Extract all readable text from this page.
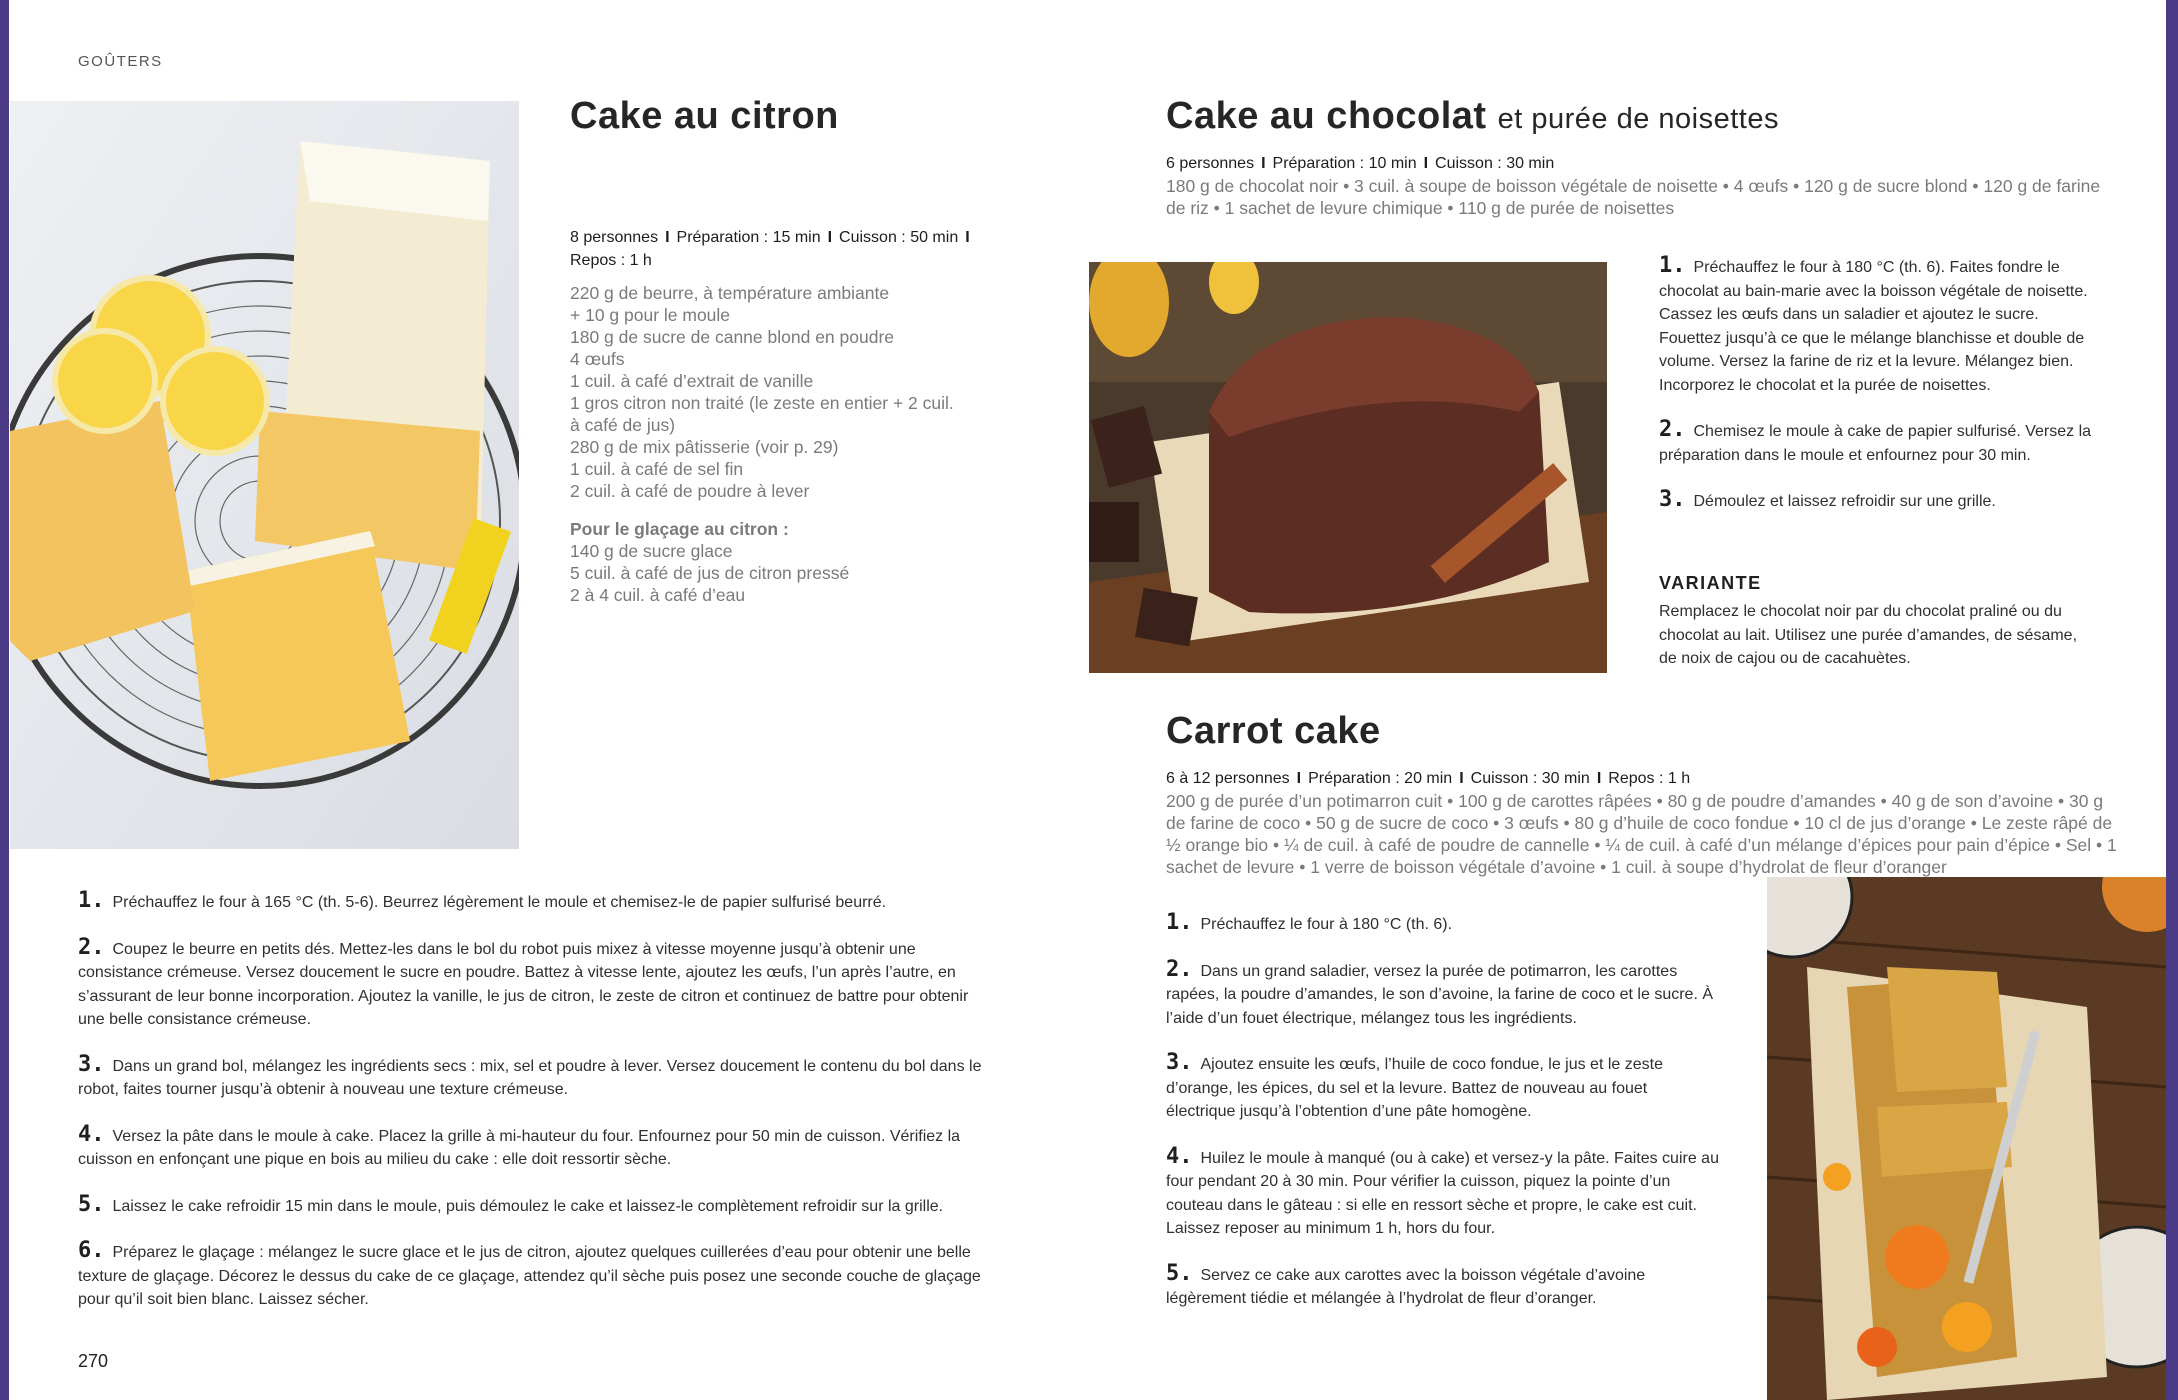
GOÛTERS
Cake au citron
8 personnes I Préparation : 15 min I Cuisson : 50 min I
Repos : 1 h
220 g de beurre, à température ambiante
+ 10 g pour le moule
180 g de sucre de canne blond en poudre
4 œufs
1 cuil. à café d’extrait de vanille
1 gros citron non traité (le zeste en entier + 2 cuil.
à café de jus)
280 g de mix pâtisserie (voir p. 29)
1 cuil. à café de sel fin
2 cuil. à café de poudre à lever
Pour le glaçage au citron :
140 g de sucre glace
5 cuil. à café de jus de citron pressé
2 à 4 cuil. à café d’eau
1. Préchauffez le four à 165 °C (th. 5-6). Beurrez légèrement le moule et chemisez-le de papier sulfurisé beurré.
2. Coupez le beurre en petits dés. Mettez-les dans le bol du robot puis mixez à vitesse moyenne jusqu’à obtenir une consistance crémeuse. Versez doucement le sucre en poudre. Battez à vitesse lente, ajoutez les œufs, l’un après l’autre, en s’assurant de leur bonne incorporation. Ajoutez la vanille, le jus de citron, le zeste de citron et continuez de battre pour obtenir une belle consistance crémeuse.
3. Dans un grand bol, mélangez les ingrédients secs : mix, sel et poudre à lever. Versez doucement le contenu du bol dans le robot, faites tourner jusqu’à obtenir à nouveau une texture crémeuse.
4. Versez la pâte dans le moule à cake. Placez la grille à mi-hauteur du four. Enfournez pour 50 min de cuisson. Vérifiez la cuisson en enfonçant une pique en bois au milieu du cake : elle doit ressortir sèche.
5. Laissez le cake refroidir 15 min dans le moule, puis démoulez le cake et laissez-le complètement refroidir sur la grille.
6. Préparez le glaçage : mélangez le sucre glace et le jus de citron, ajoutez quelques cuillerées d’eau pour obtenir une belle texture de glaçage. Décorez le dessus du cake de ce glaçage, attendez qu’il sèche puis posez une seconde couche de glaçage pour qu’il soit bien blanc. Laissez sécher.
270
Cake au chocolat et purée de noisettes
6 personnes I Préparation : 10 min I Cuisson : 30 min
180 g de chocolat noir • 3 cuil. à soupe de boisson végétale de noisette • 4 œufs • 120 g de sucre blond • 120 g de farine de riz • 1 sachet de levure chimique • 110 g de purée de noisettes
1. Préchauffez le four à 180 °C (th. 6). Faites fondre le chocolat au bain-marie avec la boisson végétale de noisette. Cassez les œufs dans un saladier et ajoutez le sucre. Fouettez jusqu’à ce que le mélange blanchisse et double de volume. Versez la farine de riz et la levure. Mélangez bien. Incorporez le chocolat et la purée de noisettes.
2. Chemisez le moule à cake de papier sulfurisé. Versez la préparation dans le moule et enfournez pour 30 min.
3. Démoulez et laissez refroidir sur une grille.
VARIANTE
Remplacez le chocolat noir par du chocolat praliné ou du chocolat au lait. Utilisez une purée d’amandes, de sésame, de noix de cajou ou de cacahuètes.
Carrot cake
6 à 12 personnes I Préparation : 20 min I Cuisson : 30 min I Repos : 1 h
200 g de purée d’un potimarron cuit • 100 g de carottes râpées • 80 g de poudre d’amandes • 40 g de son d’avoine • 30 g de farine de coco • 50 g de sucre de coco • 3 œufs • 80 g d’huile de coco fondue • 10 cl de jus d’orange • Le zeste râpé de ½ orange bio • ¼ de cuil. à café de poudre de cannelle • ¼ de cuil. à café d’un mélange d’épices pour pain d’épice • Sel • 1 sachet de levure • 1 verre de boisson végétale d’avoine • 1 cuil. à soupe d’hydrolat de fleur d’oranger
1. Préchauffez le four à 180 °C (th. 6).
2. Dans un grand saladier, versez la purée de potimarron, les carottes rapées, la poudre d’amandes, le son d’avoine, la farine de coco et le sucre. À l’aide d’un fouet électrique, mélangez tous les ingrédients.
3. Ajoutez ensuite les œufs, l’huile de coco fondue, le jus et le zeste d’orange, les épices, du sel et la levure. Battez de nouveau au fouet électrique jusqu’à l’obtention d’une pâte homogène.
4. Huilez le moule à manqué (ou à cake) et versez-y la pâte. Faites cuire au four pendant 20 à 30 min. Pour vérifier la cuisson, piquez la pointe d’un couteau dans le gâteau : si elle en ressort sèche et propre, le cake est cuit. Laissez reposer au minimum 1 h, hors du four.
5. Servez ce cake aux carottes avec la boisson végétale d’avoine légèrement tiédie et mélangée à l’hydrolat de fleur d’oranger.
